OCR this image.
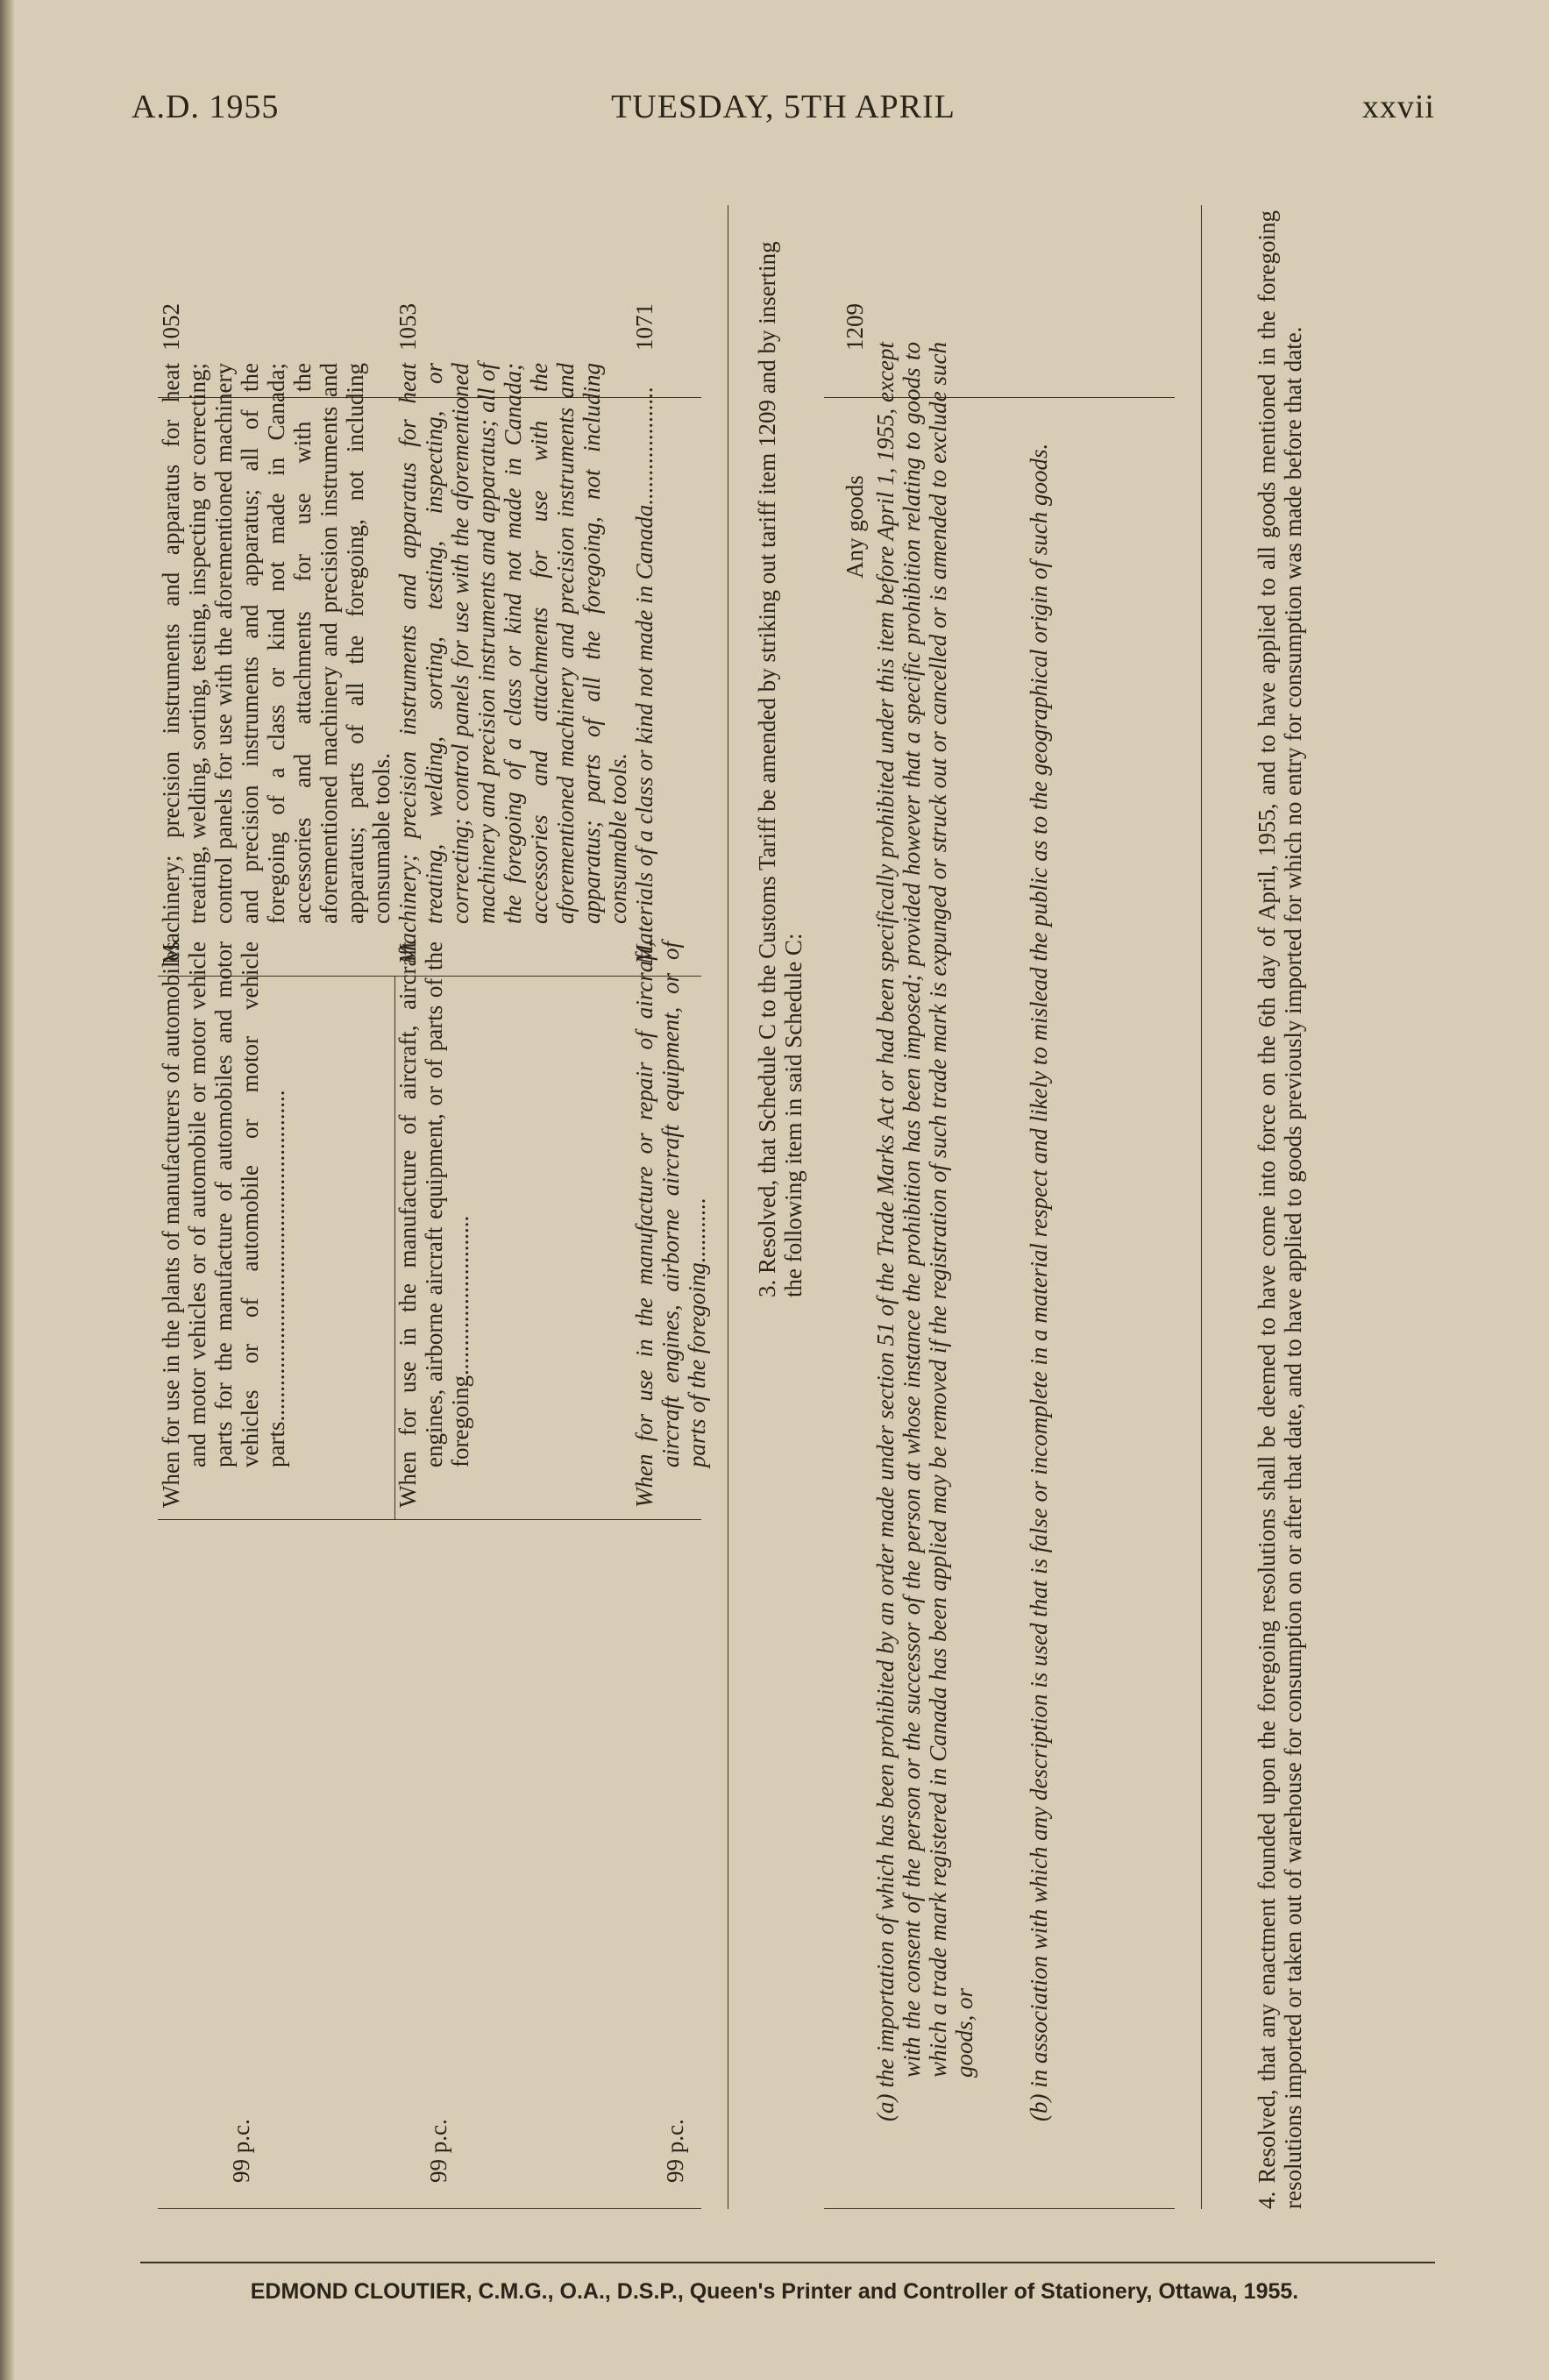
A.D. 1955	TUESDAY, 5TH APRIL	xxvii
1052
Machinery; precision instruments and apparatus for heat treating, welding, sorting, testing, inspecting or correcting; control panels for use with the aforementioned machinery and precision instruments and apparatus; all of the foregoing of a class or kind not made in Canada; accessories and attachments for use with the aforementioned machinery and precision instruments and apparatus; parts of all the foregoing, not including consumable tools.
When for use in the plants of manufacturers of automobiles and motor vehicles or of automobile or motor vehicle parts for the manufacture of automobiles and motor vehicles or of automobile or motor vehicle parts........................................................
99 p.c.
1053
Machinery; precision instruments and apparatus for heat treating, welding, sorting, testing, inspecting, or correcting; control panels for use with the aforementioned machinery and precision instruments and apparatus; all of the foregoing of a class or kind not made in Canada; accessories and attachments for use with the aforementioned machinery and precision instruments and apparatus; parts of all the foregoing, not including consumable tools.
When for use in the manufacture of aircraft, aircraft engines, airborne aircraft equipment, or of parts of the foregoing...........................
99 p.c.
1071
Materials of a class or kind not made in Canada....................
When for use in the manufacture or repair of aircraft, aircraft engines, airborne aircraft equipment, or of parts of the foregoing...........
99 p.c.
3. Resolved, that Schedule C to the Customs Tariff be amended by striking out tariff item 1209 and by inserting the following item in said Schedule C:
1209
Any goods (a) the importation of which has been prohibited by an order made under section 51 of the Trade Marks Act or had been specifically prohibited under this item before April 1, 1955, except with the consent of the person or the successor of the person at whose instance the prohibition has been imposed; provided however that a specific prohibition relating to goods to which a trade mark registered in Canada has been applied may be removed if the registration of such trade mark is expunged or struck out or cancelled or is amended to exclude such goods, or (b) in association with which any description is used that is false or incomplete in a material respect and likely to mislead the public as to the geographical origin of such goods.	4. Resolved, that any enactment founded upon the foregoing resolutions shall be deemed to have come into force on the 6th day of April, 1955, and to have applied to all goods mentioned in the foregoing resolutions imported or taken out of warehouse for consumption on or after that date, and to have applied to goods previously imported for which no entry for consumption was made before that date.
EDMOND CLOUTIER, C.M.G., O.A., D.S.P., Queen's Printer and Controller of Stationery, Ottawa, 1955.
